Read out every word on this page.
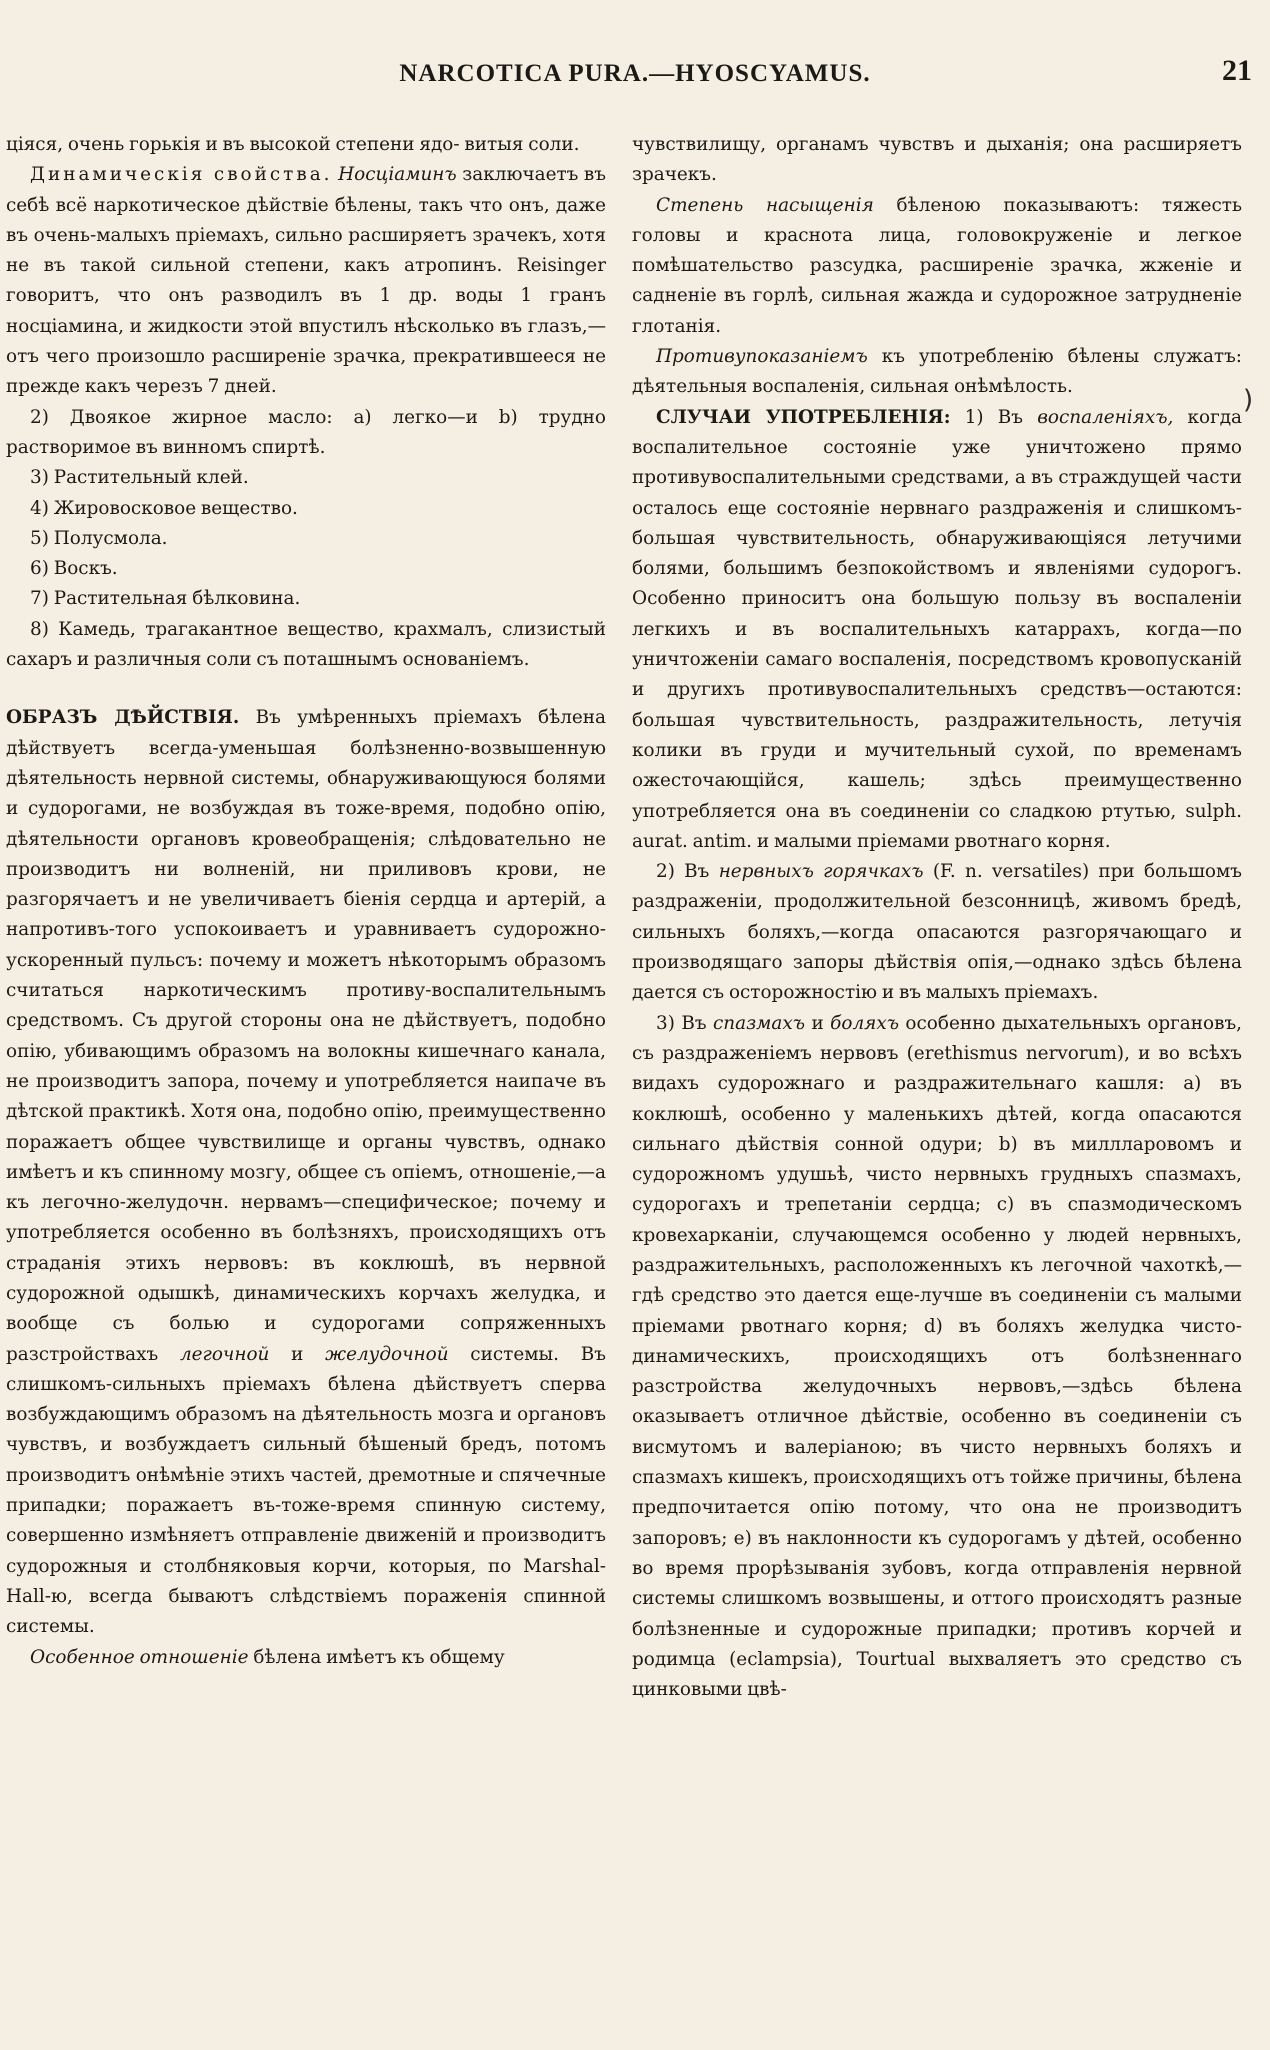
NARCOTICA PURA.—HYOSCYAMUS.	21

ціяся, очень горькія и въ высокой степени ядо- витыя соли.

Динамическія свойства. Hосціаминъ заключаетъ въ себѣ всё наркотическое дѣйствіе бѣлены, такъ что онъ, даже въ очень-малыхъ пріемахъ, сильно расширяетъ зрачекъ, хотя не въ такой сильной степени, какъ атропинъ. Reisinger говоритъ, что онъ разводилъ въ 1 др. воды 1 гранъ носціамина, и жидкости этой впустилъ нѣсколько въ глазъ,—отъ чего произошло расширеніе зрачка, прекратившееся не прежде какъ черезъ 7 дней.

2) Двоякое жирное масло: a) легко—и b) трудно растворимое въ винномъ спиртѣ.

3) Растительный клей.

4) Жировосковое вещество.

5) Полусмола.

6) Воскъ.

7) Растительная бѣлковина.

8) Камедь, трагакантное вещество, крахмалъ, слизистый сахаръ и различныя соли съ поташнымъ основаніемъ.

ОБРАЗЪ ДѢЙСТВІЯ. Въ умѣренныхъ пріемахъ бѣлена дѣйствуетъ всегда-уменьшая болѣзненно-возвышенную дѣятельность нервной системы, обнаруживающуюся болями и судорогами, не возбуждая въ тоже-время, подобно опію, дѣятельности органовъ кровеобращенія; слѣдовательно не производитъ ни волненій, ни приливовъ крови, не разгорячаетъ и не увеличиваетъ біенія сердца и артерій, а напротивъ-того успокоиваетъ и уравниваетъ судорожно-ускоренный пульсъ: почему и можетъ нѣкоторымъ образомъ считаться наркотическимъ противу-воспалительнымъ средствомъ. Съ другой стороны она не дѣйствуетъ, подобно опію, убивающимъ образомъ на волокны кишечнаго канала, не производитъ запора, почему и употребляется наипаче въ дѣтской практикѣ. Хотя она, подобно опію, преимущественно поражаетъ общее чувствилище и органы чувствъ, однако имѣетъ и къ спинному мозгу, общее съ опіемъ, отношеніе,—а къ легочно-желудочн. нервамъ—специфическое; почему и употребляется особенно въ болѣзняхъ, происходящихъ отъ страданія этихъ нервовъ: въ коклюшѣ, въ нервной судорожной одышкѣ, динамическихъ корчахъ желудка, и вообще съ болью и судорогами сопряженныхъ разстройствахъ легочной и желудочной системы. Въ слишкомъ-сильныхъ пріемахъ бѣлена дѣйствуетъ сперва возбуждающимъ образомъ на дѣятельность мозга и органовъ чувствъ, и возбуждаетъ сильный бѣшеный бредъ, потомъ производитъ онѣмѣніе этихъ частей, дремотные и спячечные припадки; поражаетъ въ-тоже-время спинную систему, совершенно измѣняетъ отправленіе движеній и производитъ судорожныя и столбняковыя корчи, которыя, по Marshal-Hall-ю, всегда бываютъ слѣдствіемъ пораженія спинной системы.

Особенное отношеніе бѣлена имѣетъ къ общему

чувствилищу, органамъ чувствъ и дыханія; она расширяетъ зрачекъ.

Степень насыщенія бѣленою показываютъ: тяжесть головы и краснота лица, головокруженіе и легкое помѣшательство разсудка, расширеніе зрачка, жженіе и садненіе въ горлѣ, сильная жажда и судорожное затрудненіе глотанія.

Противупоказаніемъ къ употребленію бѣлены служатъ: дѣятельныя воспаленія, сильная онѣмѣлость.

СЛУЧАИ УПОТРЕБЛЕНІЯ: 1) Въ воспаленіяхъ, когда воспалительное состояніе уже уничтожено прямо противувоспалительными средствами, а въ страждущей части осталось еще состояніе нервнаго раздраженія и слишкомъ-большая чувствительность, обнаруживающіяся летучими болями, большимъ безпокойствомъ и явленіями судорогъ. Особенно приноситъ она большую пользу въ воспаленіи легкихъ и въ воспалительныхъ катаррахъ, когда—по уничтоженіи самаго воспаленія, посредствомъ кровопусканій и другихъ противувоспалительныхъ средствъ—остаются: большая чувствительность, раздражительность, летучія колики въ груди и мучительный сухой, по временамъ ожесточающійся, кашель; здѣсь преимущественно употребляется она въ соединеніи со сладкою ртутью, sulph. aurat. antim. и малыми пріемами рвотнаго корня.

2) Въ нервныхъ горячкахъ (F. n. versatiles) при большомъ раздраженіи, продолжительной безсонницѣ, живомъ бредѣ, сильныхъ боляхъ,—когда опасаются разгорячающаго и производящаго запоры дѣйствія опія,—однако здѣсь бѣлена дается съ осторожностію и въ малыхъ пріемахъ.

3) Въ спазмахъ и боляхъ особенно дыхательныхъ органовъ, съ раздраженіемъ нервовъ (erethismus nervorum), и во всѣхъ видахъ судорожнаго и раздражительнаго кашля: a) въ коклюшѣ, особенно у маленькихъ дѣтей, когда опасаются сильнаго дѣйствія сонной одури; b) въ миллларовомъ и судорожномъ удушьѣ, чисто нервныхъ грудныхъ спазмахъ, судорогахъ и трепетаніи сердца; c) въ спазмодическомъ кровехарканіи, случающемся особенно у людей нервныхъ, раздражительныхъ, расположенныхъ къ легочной чахоткѣ,—гдѣ средство это дается еще-лучше въ соединеніи съ малыми пріемами рвотнаго корня; d) въ боляхъ желудка чисто-динамическихъ, происходящихъ отъ болѣзненнаго разстройства желудочныхъ нервовъ,—здѣсь бѣлена оказываетъ отличное дѣйствіе, особенно въ соединеніи съ висмутомъ и валеріаною; въ чисто нервныхъ боляхъ и спазмахъ кишекъ, происходящихъ отъ тойже причины, бѣлена предпочитается опію потому, что она не производитъ запоровъ; e) въ наклонности къ судорогамъ у дѣтей, особенно во время прорѣзыванія зубовъ, когда отправленія нервной системы слишкомъ возвышены, и оттого происходятъ разные болѣзненные и судорожные припадки; противъ корчей и родимца (eclampsia), Tourtual выхваляетъ это средство съ цинковыми цвѣ-

)
